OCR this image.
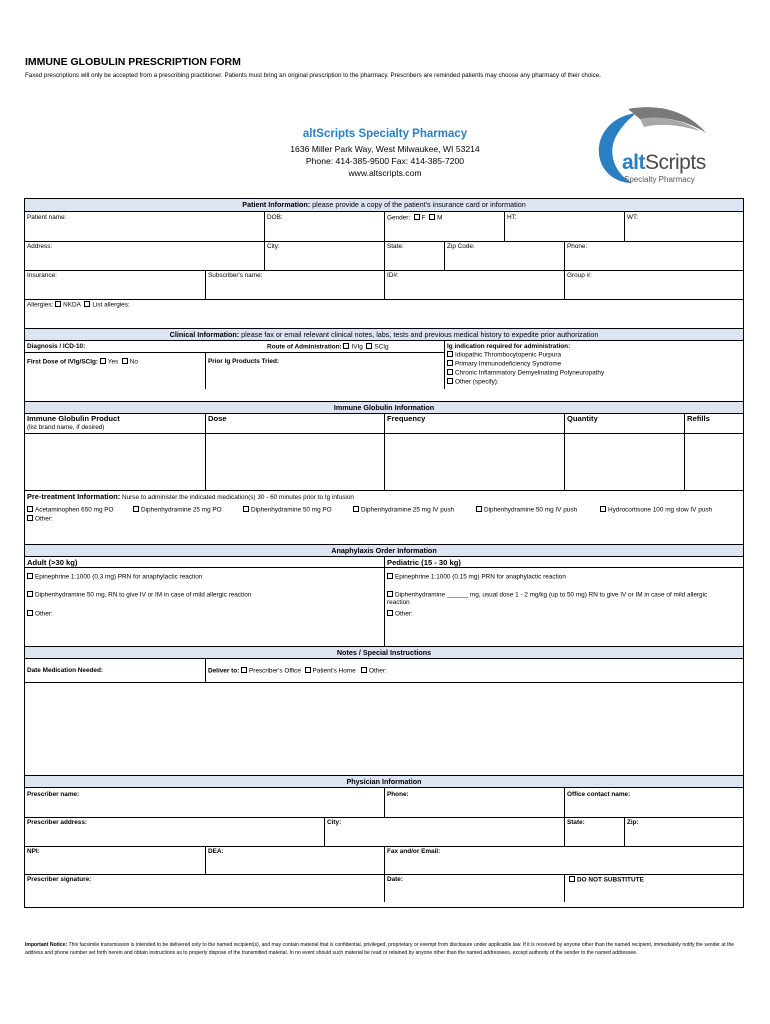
IMMUNE GLOBULIN PRESCRIPTION FORM
Faxed prescriptions will only be accepted from a prescribing practitioner. Patients must bring an original prescription to the pharmacy. Prescribers are reminded patients may choose any pharmacy of their choice.
altScripts Specialty Pharmacy
1636 Miller Park Way, West Milwaukee, WI 53214
Phone: 414-385-9500 Fax: 414-385-7200
www.altscripts.com	altScripts
Specialty Pharmacy
Patient Information: please provide a copy of the patient's insurance card or information
Patient name:	DOB:	Gender: F M	HT:	WT:
Address:	City:	State:	Zip Code:	Phone:
Insurance:	Subscriber's name:	ID#:	Group #:
Allergies: NKDA List allergies:
Clinical Information: please fax or email relevant clinical notes, labs, tests and previous medical history to expedite prior authorization
Diagnosis / ICD-10:	Route of Administration: IVIg SCIg	Ig indication required for administration:
Idiopathic Thrombocytopenic Purpura
Primary Immunodeficiency Syndrome
Chronic Inflammatory Demyelinating Polyneuropathy
Other (specify):
First Dose of IVIg/SCIg: Yes No	Prior Ig Products Tried:
Immune Globulin Information
Immune Globulin Product
(list brand name, if desired)
Dose	Frequency	Quantity	Refills
Pre-treatment Information: Nurse to administer the indicated medication(s) 30 - 60 minutes prior to Ig infusion
Acetaminophen 650 mg PO	Diphenhydramine 25 mg PO	Diphenhydramine 50 mg PO	Diphenhydramine 25 mg IV push	Diphenhydramine 50 mg IV push	Hydrocortisone 100 mg slow IV push
Other:
Anaphylaxis Order Information
Adult (>30 kg)	Pediatric (15 - 30 kg)
Epinephrine 1:1000 (0.3 mg) PRN for anaphylactic reaction	Epinephrine 1:1000 (0.15 mg) PRN for anaphylactic reaction
Diphenhydramine 50 mg, RN to give IV or IM in case of mild allergic reaction	Diphenhydramine ______ mg, usual dose 1 - 2 mg/kg (up to 50 mg) RN to give IV or IM in case of mild allergic
reaction
Other:	Other:
Notes / Special Instructions
Date Medication Needed:	Deliver to: Prescriber's Office Patient's Home Other:
Physician Information
Prescriber name:	Phone:	Office contact name:
Prescriber address:	City:	State:	Zip:
NPI:	DEA:	Fax and/or Email:
Prescriber signature:	Date:	DO NOT SUBSTITUTE
Important Notice: This facsimile transmission is intended to be delivered only to the named recipient(s), and may contain material that is confidential, privileged, proprietary or exempt from disclosure under applicable law. If it is received by anyone other than the named recipient, immediately notify the sender at the address and phone number set forth herein and obtain instructions as to properly dispose of the transmitted material. In no event should such material be read or retained by anyone other than the named addressees, except authority of the sender to the named addressee.
